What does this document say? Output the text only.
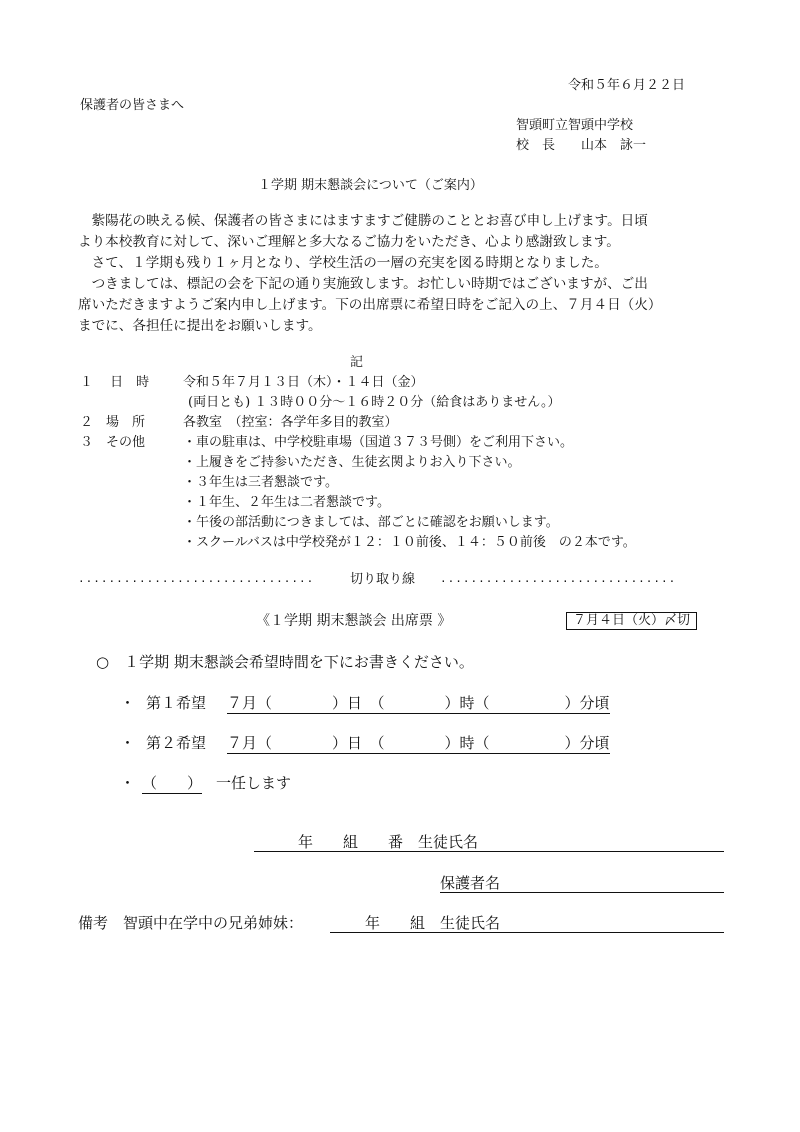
令和５年６月２２日
保護者の皆さまへ
智頭町立智頭中学校
校　長　　山本　詠一
１学期 期末懇談会について（ご案内）
　紫陽花の映える候、保護者の皆さまにはますますご健勝のこととお喜び申し上げます。日頃
より本校教育に対して、深いご理解と多大なるご協力をいただき、心より感謝致します。
　さて、１学期も残り１ヶ月となり、学校生活の一層の充実を図る時期となりました。
　つきましては、標記の会を下記の通り実施致します。お忙しい時期ではございますが、ご出
席いただきますようご案内申し上げます。下の出席票に希望日時をご記入の上、７月４日（火）
までに、各担任に提出をお願いします。
記
１　 日　時	令和５年７月１３日（木）・１４日（金）
(両日とも) １３時００分～１６時２０分（給食はありません。）
２　場　所	各教室　（控室：各学年多目的教室）
３　その他	・車の駐車は、中学校駐車場（国道３７３号側）をご利用下さい。
・上履きをご持参いただき、生徒玄関よりお入り下さい。
・３年生は三者懇談です。
・１年生、２年生は二者懇談です。
・午後の部活動につきましては、部ごとに確認をお願いします。
・スクールバスは中学校発が１２：１０前後、１４：５０前後　の２本です。
·······························	切り取り線 ·······························
《１学期 期末懇談会 出席票 》	７月４日（火）〆切
○　１学期 期末懇談会希望時間を下にお書きください。
・ 第１希望 ７月（　　　　）日　（　　　　）時（　　　　　）分頃
・ 第２希望 ７月（　　　　）日　（　　　　）時（　　　　　）分頃
・ （　　） 一任します
年　　組　　番　生徒氏名
保護者名
備考　智頭中在学中の兄弟姉妹：	年　　組　生徒氏名
